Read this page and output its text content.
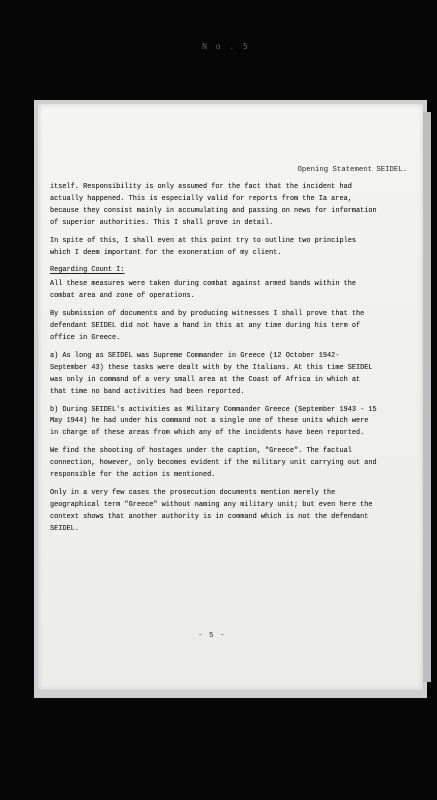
N o . 5
Opening Statement SEIDEL.

itself. Responsibility is only assumed for the fact that the incident had actually happened. This is especially valid for reports from the Ia area, because they consist mainly in accumulating and passing on news for information of superior authorities. This I shall prove in detail.

In spite of this, I shall even at this point try to outline two principles which I deem important for the exoneration of my client.

Regarding Count I:

All these measures were taken during combat against armed bands within the combat area and zone of operations.

By submission of documents and by producing witnesses I shall prove that the defendant SEIDEL did not have a hand in this at any time during his term of office in Greece.

a) As long as SEIDEL was Supreme Commander in Greece (12 October 1942- September 43) these tasks were dealt with by the Italians. At this time SEIDEL was only in command of a very small area at the Coast of Africa in which at that time no band activities had been reported.

b) During SEIDEL's activities as Military Commander Greece (September 1943 - 15 May 1944) he had under his command not a single one of these units which were in charge of these areas from which any of the incidents have been reported.

We find the shooting of hostages under the caption, "Greece". The factual connection, however, only becomes evident if the military unit carrying out and responsible for the action is mentioned.

Only in a very few cases the prosecution documents mention merely the geographical term "Greece" without naming any military unit; but even here the context shows that another authority is in command which is not the defendant SEIDEL.

- 5 -
